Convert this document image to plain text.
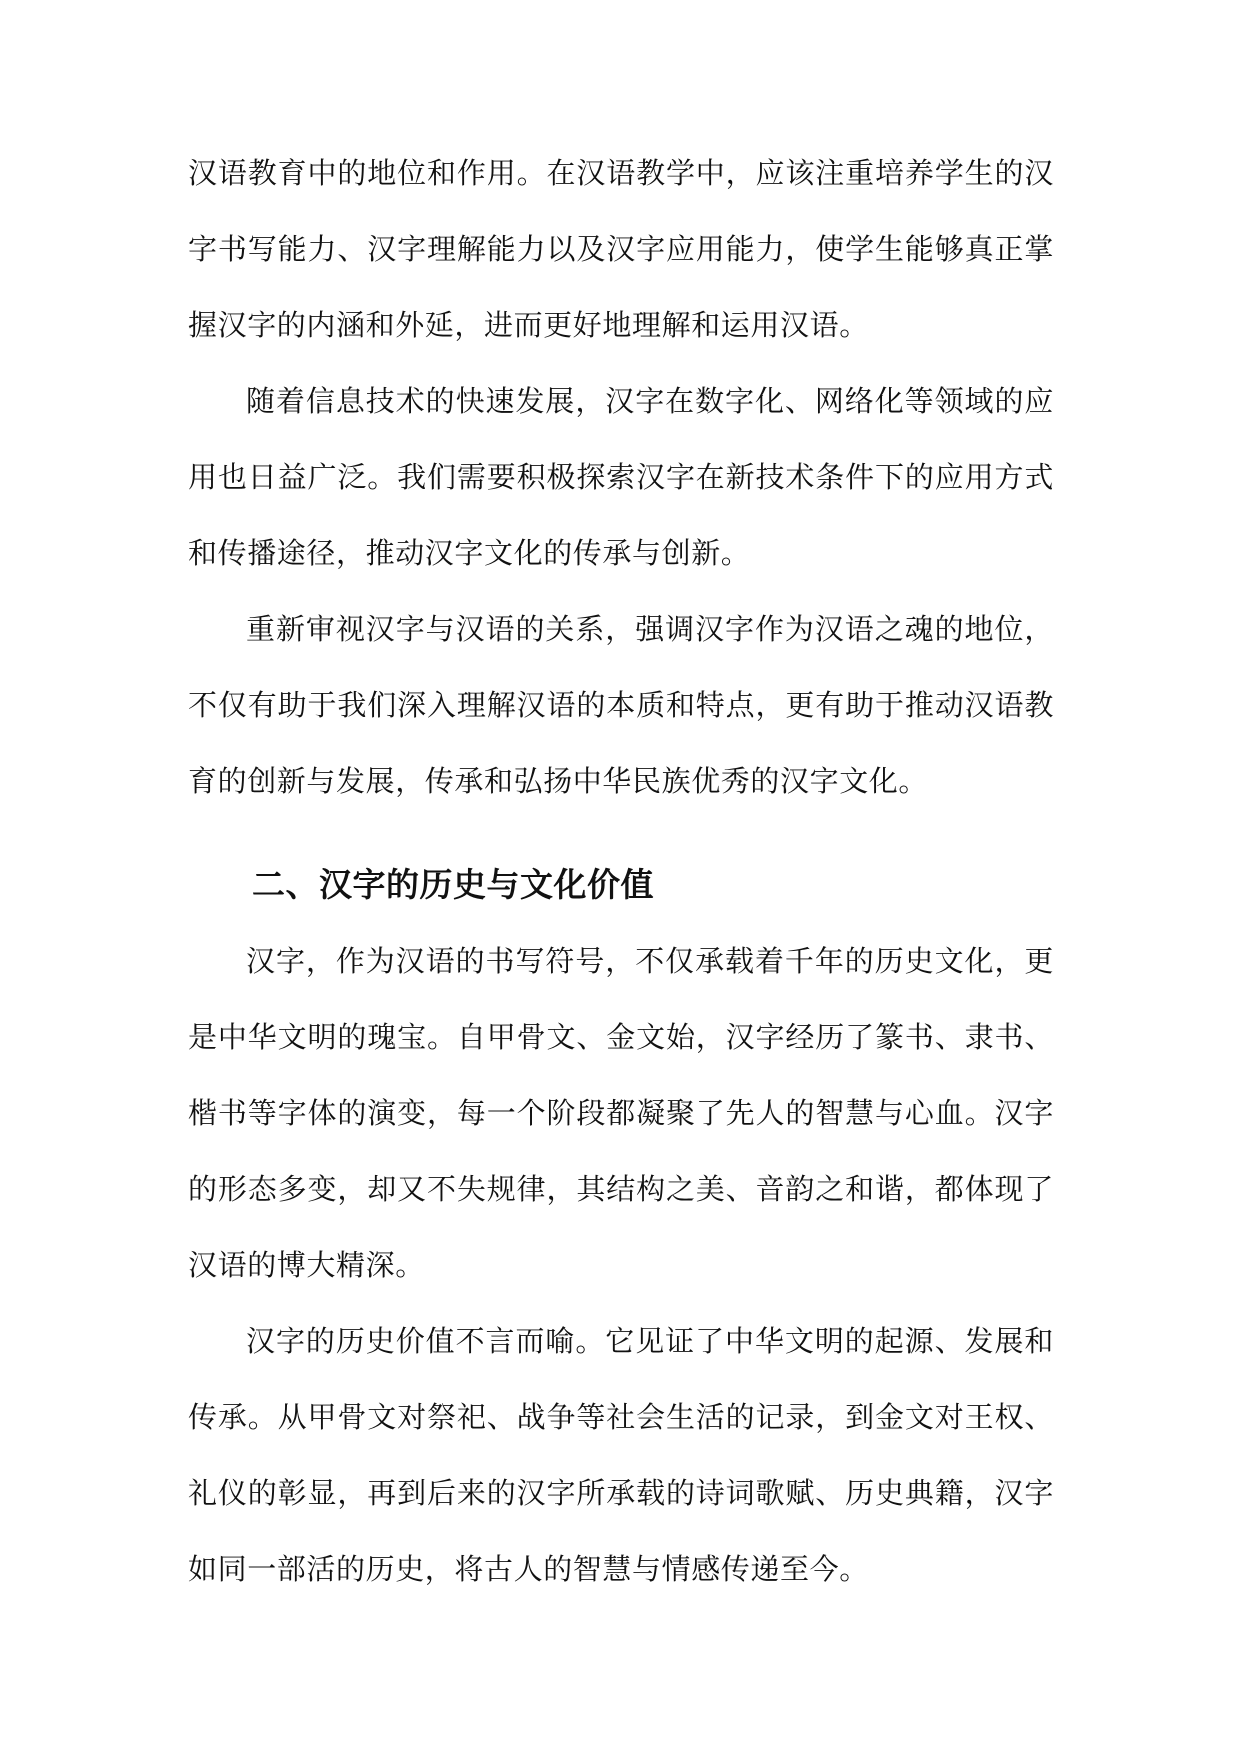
汉语教育中的地位和作用。在汉语教学中，应该注重培养学生的汉字书写能力、汉字理解能力以及汉字应用能力，使学生能够真正掌握汉字的内涵和外延，进而更好地理解和运用汉语。

随着信息技术的快速发展，汉字在数字化、网络化等领域的应用也日益广泛。我们需要积极探索汉字在新技术条件下的应用方式和传播途径，推动汉字文化的传承与创新。

重新审视汉字与汉语的关系，强调汉字作为汉语之魂的地位，不仅有助于我们深入理解汉语的本质和特点，更有助于推动汉语教育的创新与发展，传承和弘扬中华民族优秀的汉字文化。

二、汉字的历史与文化价值

汉字，作为汉语的书写符号，不仅承载着千年的历史文化，更是中华文明的瑰宝。自甲骨文、金文始，汉字经历了篆书、隶书、楷书等字体的演变，每一个阶段都凝聚了先人的智慧与心血。汉字的形态多变，却又不失规律，其结构之美、音韵之和谐，都体现了汉语的博大精深。

汉字的历史价值不言而喻。它见证了中华文明的起源、发展和传承。从甲骨文对祭祀、战争等社会生活的记录，到金文对王权、礼仪的彰显，再到后来的汉字所承载的诗词歌赋、历史典籍，汉字如同一部活的历史，将古人的智慧与情感传递至今。
